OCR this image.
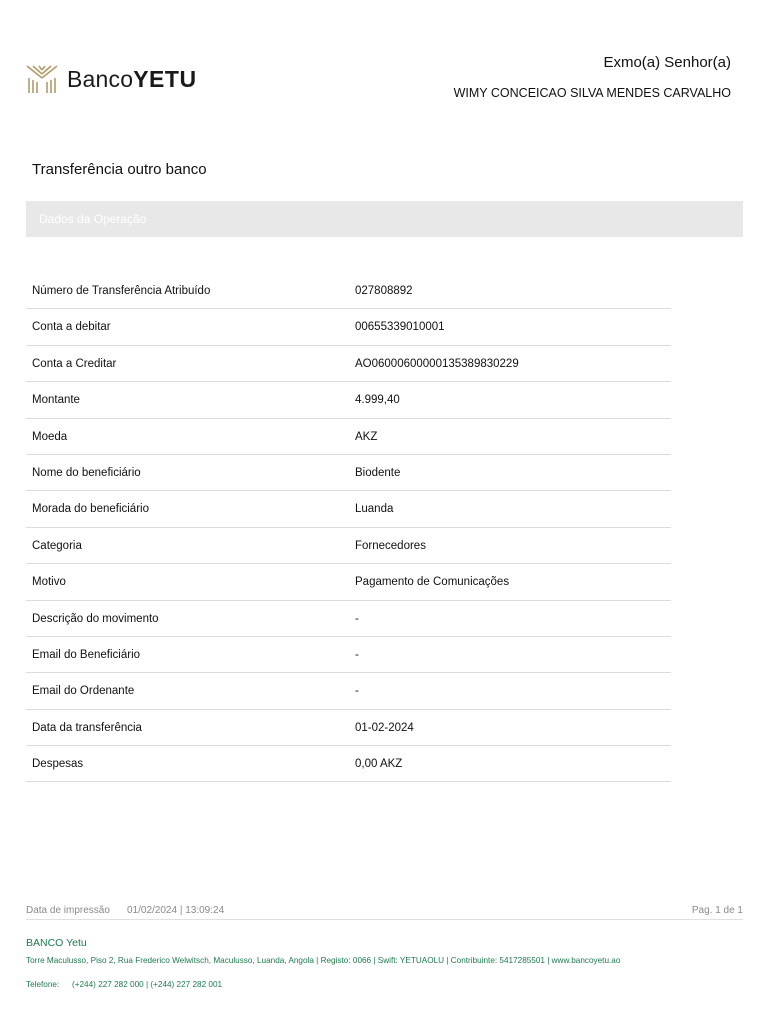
BancoYETU
Exmo(a) Senhor(a)
WIMY CONCEICAO SILVA MENDES CARVALHO
Transferência outro banco
Dados da Operação
Número de Transferência Atribuído	027808892
Conta a debitar	00655339010001
Conta a Creditar	AO06000600000135389830229
Montante	4.999,40
Moeda	AKZ
Nome do beneficiário	Biodente
Morada do beneficiário	Luanda
Categoria	Fornecedores
Motivo	Pagamento de Comunicações
Descrição do movimento	-
Email do Beneficiário	-
Email do Ordenante	-
Data da transferência	01-02-2024
Despesas	0,00 AKZ
Data de impressão 01/02/2024 | 13:09:24	Pag. 1 de 1
BANCO Yetu
Torre Maculusso, Piso 2, Rua Frederico Welwitsch, Maculusso, Luanda, Angola | Registo: 0066 | Swift: YETUAOLU | Contribuinte: 5417285501 | www.bancoyetu.ao
Telefone: (+244) 227 282 000 | (+244) 227 282 001
